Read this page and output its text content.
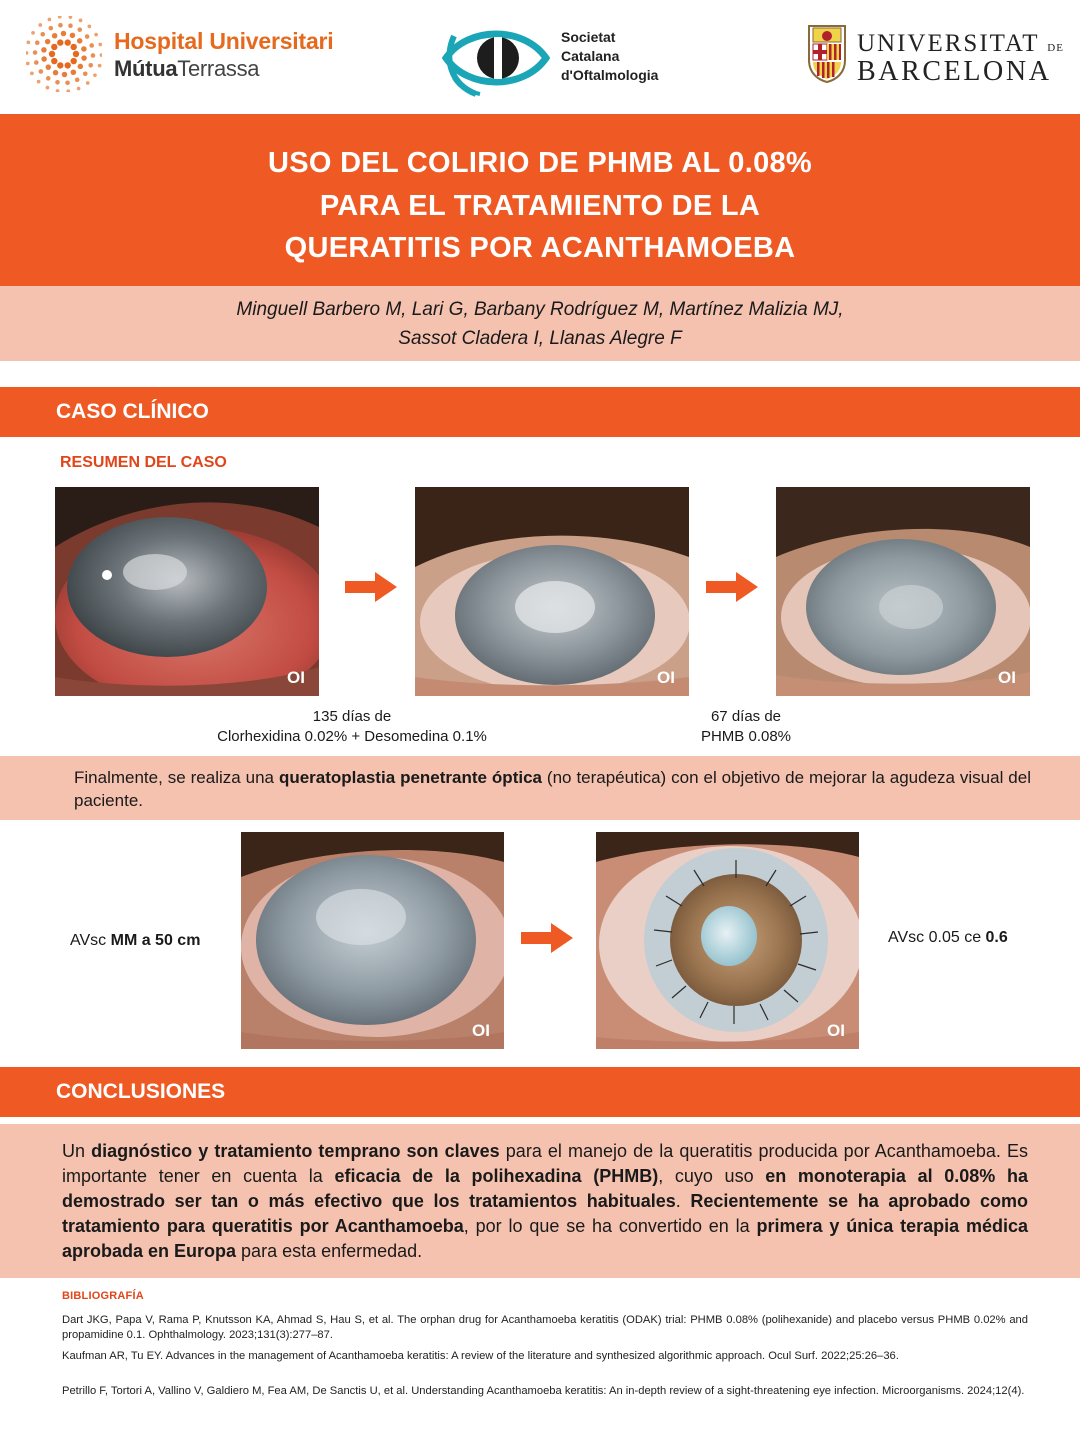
Hospital Universitari
MútuaTerrassa
Societat
Catalana
d'Oftalmologia
UNIVERSITAT DE
BARCELONA
USO DEL COLIRIO DE PHMB AL 0.08%
PARA EL TRATAMIENTO DE LA
QUERATITIS POR ACANTHAMOEBA
Minguell Barbero M, Lari G, Barbany Rodríguez M, Martínez Malizia MJ,
Sassot Cladera I, Llanas Alegre F
CASO CLÍNICO
RESUMEN DEL CASO
OI	OI	OI
135 días de
Clorhexidina 0.02% + Desomedina 0.1%
67 días de
PHMB 0.08%

Finalmente, se realiza una queratoplastia penetrante óptica (no terapéutica) con el objetivo de mejorar la agudeza visual del paciente.

AVsc MM a 50 cm
OI	OI
AVsc 0.05 ce 0.6
CONCLUSIONES

Un diagnóstico y tratamiento temprano son claves para el manejo de la queratitis producida por Acanthamoeba. Es importante tener en cuenta la eficacia de la polihexadina (PHMB), cuyo uso en monoterapia al 0.08% ha demostrado ser tan o más efectivo que los tratamientos habituales. Recientemente se ha aprobado como tratamiento para queratitis por Acanthamoeba, por lo que se ha convertido en la primera y única terapia médica aprobada en Europa para esta enfermedad.

BIBLIOGRAFÍA
Dart JKG, Papa V, Rama P, Knutsson KA, Ahmad S, Hau S, et al. The orphan drug for Acanthamoeba keratitis (ODAK) trial: PHMB 0.08% (polihexanide) and placebo versus PHMB 0.02% and propamidine 0.1. Ophthalmology. 2023;131(3):277–87.
Kaufman AR, Tu EY. Advances in the management of Acanthamoeba keratitis: A review of the literature and synthesized algorithmic approach. Ocul Surf. 2022;25:26–36.
Petrillo F, Tortori A, Vallino V, Galdiero M, Fea AM, De Sanctis U, et al. Understanding Acanthamoeba keratitis: An in-depth review of a sight-threatening eye infection. Microorganisms. 2024;12(4).
